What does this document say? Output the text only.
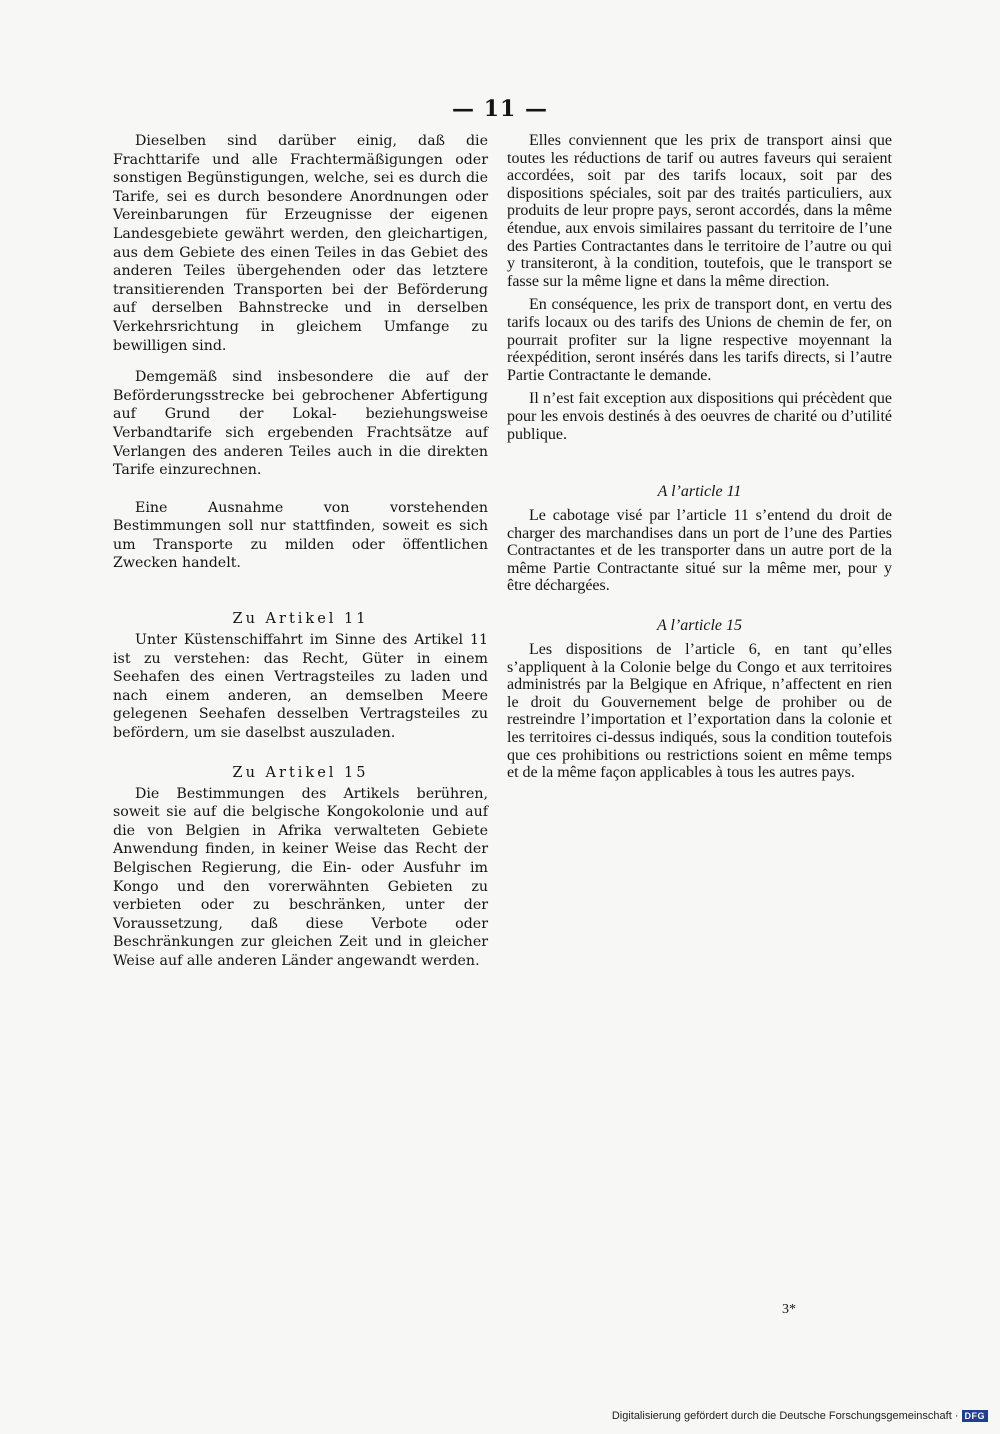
— 11 —

Dieselben sind darüber einig, daß die Frachttarife und alle Frachtermäßigungen oder sonstigen Begünstigungen, welche, sei es durch die Tarife, sei es durch besondere Anordnungen oder Vereinbarungen für Erzeugnisse der eigenen Landesgebiete gewährt werden, den gleichartigen, aus dem Gebiete des einen Teiles in das Gebiet des anderen Teiles übergehenden oder das letztere transitierenden Transporten bei der Beförderung auf derselben Bahnstrecke und in derselben Verkehrsrichtung in gleichem Umfange zu bewilligen sind.

Demgemäß sind insbesondere die auf der Beförderungsstrecke bei gebrochener Abfertigung auf Grund der Lokal- beziehungsweise Verbandtarife sich ergebenden Frachtsätze auf Verlangen des anderen Teiles auch in die direkten Tarife einzurechnen.

Eine Ausnahme von vorstehenden Bestimmungen soll nur stattfinden, soweit es sich um Transporte zu milden oder öffentlichen Zwecken handelt.

Zu Artikel 11

Unter Küstenschiffahrt im Sinne des Artikel 11 ist zu verstehen: das Recht, Güter in einem Seehafen des einen Vertragsteiles zu laden und nach einem anderen, an demselben Meere gelegenen Seehafen desselben Vertragsteiles zu befördern, um sie daselbst auszuladen.

Zu Artikel 15

Die Bestimmungen des Artikels berühren, soweit sie auf die belgische Kongokolonie und auf die von Belgien in Afrika verwalteten Gebiete Anwendung finden, in keiner Weise das Recht der Belgischen Regierung, die Ein- oder Ausfuhr im Kongo und den vorerwähnten Gebieten zu verbieten oder zu beschränken, unter der Voraussetzung, daß diese Verbote oder Beschränkungen zur gleichen Zeit und in gleicher Weise auf alle anderen Länder angewandt werden.

Elles conviennent que les prix de transport ainsi que toutes les réductions de tarif ou autres faveurs qui seraient accordées, soit par des tarifs locaux, soit par des dispositions spéciales, soit par des traités particuliers, aux produits de leur propre pays, seront accordés, dans la même étendue, aux envois similaires passant du territoire de l’une des Parties Contractantes dans le territoire de l’autre ou qui y transiteront, à la condition, toutefois, que le transport se fasse sur la même ligne et dans la même direction.

En conséquence, les prix de transport dont, en vertu des tarifs locaux ou des tarifs des Unions de chemin de fer, on pourrait profiter sur la ligne respective moyennant la réexpédition, seront insérés dans les tarifs directs, si l’autre Partie Contractante le demande.

Il n’est fait exception aux dispositions qui précèdent que pour les envois destinés à des oeuvres de charité ou d’utilité publique.

A l’article 11

Le cabotage visé par l’article 11 s’entend du droit de charger des marchandises dans un port de l’une des Parties Contractantes et de les transporter dans un autre port de la même Partie Contractante situé sur la même mer, pour y être déchargées.

A l’article 15

Les dispositions de l’article 6, en tant qu’elles s’appliquent à la Colonie belge du Congo et aux territoires administrés par la Belgique en Afrique, n’affectent en rien le droit du Gouvernement belge de prohiber ou de restreindre l’importation et l’exportation dans la colonie et les territoires ci-dessus indiqués, sous la condition toutefois que ces prohibitions ou restrictions soient en même temps et de la même façon applicables à tous les autres pays.

3*
Digitalisierung gefördert durch die Deutsche Forschungsgemeinschaft · DFG
